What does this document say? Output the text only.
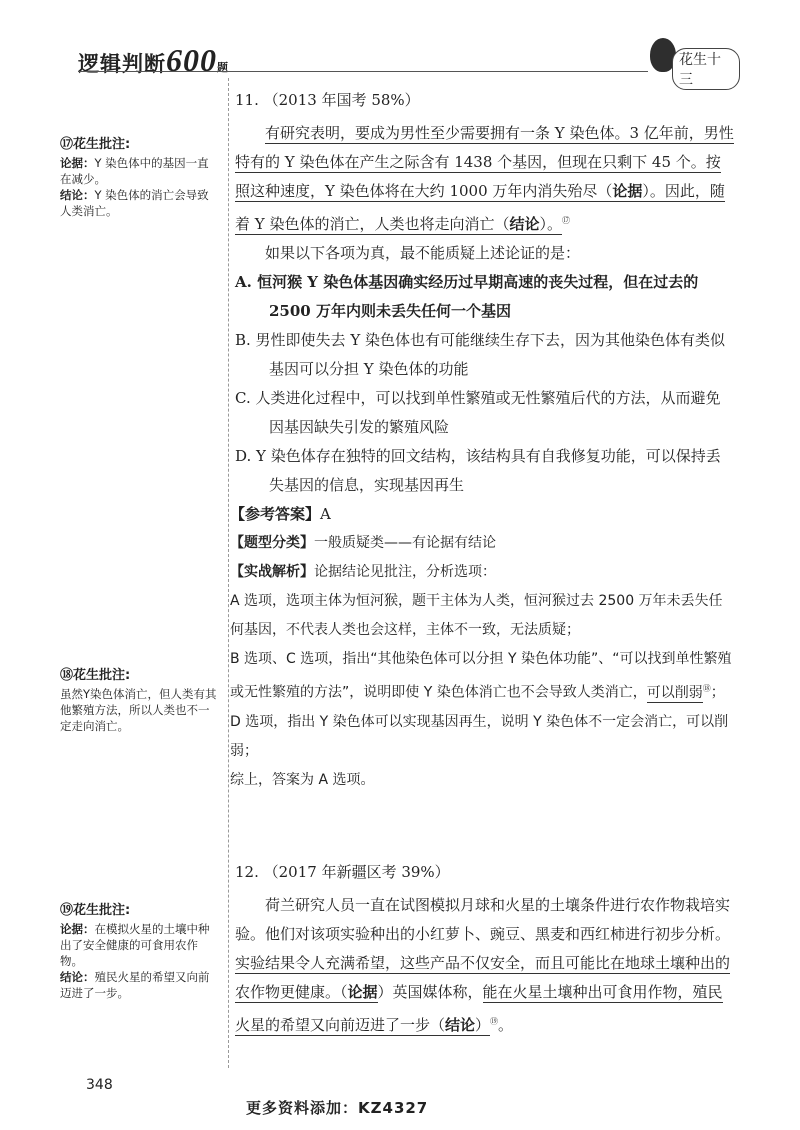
逻辑判断600题	花生十三
⑰花生批注:

论据：Y 染色体中的基因一直在减少。

结论：Y 染色体的消亡会导致人类消亡。

⑱花生批注:

虽然Y染色体消亡，但人类有其他繁殖方法，所以人类也不一定走向消亡。

⑲花生批注:

论据：在模拟火星的土壤中种出了安全健康的可食用农作物。

结论：殖民火星的希望又向前迈进了一步。

11. （2013 年国考 58%）

有研究表明，要成为男性至少需要拥有一条 Y 染色体。3 亿年前，男性特有的 Y 染色体在产生之际含有 1438 个基因，但现在只剩下 45 个。按照这种速度，Y 染色体将在大约 1000 万年内消失殆尽（论据）。因此，随着 Y 染色体的消亡，人类也将走向消亡（结论）。⑰

如果以下各项为真，最不能质疑上述论证的是：

A. 恒河猴 Y 染色体基因确实经历过早期高速的丧失过程，但在过去的 2500 万年内则未丢失任何一个基因

B. 男性即使失去 Y 染色体也有可能继续生存下去，因为其他染色体有类似基因可以分担 Y 染色体的功能

C. 人类进化过程中，可以找到单性繁殖或无性繁殖后代的方法，从而避免因基因缺失引发的繁殖风险

D. Y 染色体存在独特的回文结构，该结构具有自我修复功能，可以保持丢失基因的信息，实现基因再生

【参考答案】A

【题型分类】一般质疑类——有论据有结论

【实战解析】论据结论见批注，分析选项：

A 选项，选项主体为恒河猴，题干主体为人类，恒河猴过去 2500 万年未丢失任何基因，不代表人类也会这样，主体不一致，无法质疑；

B 选项、C 选项，指出“其他染色体可以分担 Y 染色体功能”、“可以找到单性繁殖或无性繁殖的方法”，说明即使 Y 染色体消亡也不会导致人类消亡，可以削弱⑱；

D 选项，指出 Y 染色体可以实现基因再生，说明 Y 染色体不一定会消亡，可以削弱；

综上，答案为 A 选项。

12. （2017 年新疆区考 39%）

荷兰研究人员一直在试图模拟月球和火星的土壤条件进行农作物栽培实验。他们对该项实验种出的小红萝卜、豌豆、黑麦和西红柿进行初步分析。实验结果令人充满希望，这些产品不仅安全，而且可能比在地球土壤种出的农作物更健康。（论据）英国媒体称，能在火星土壤种出可食用作物，殖民火星的希望又向前迈进了一步（结论）⑲。

348
更多资料添加：KZ4327
